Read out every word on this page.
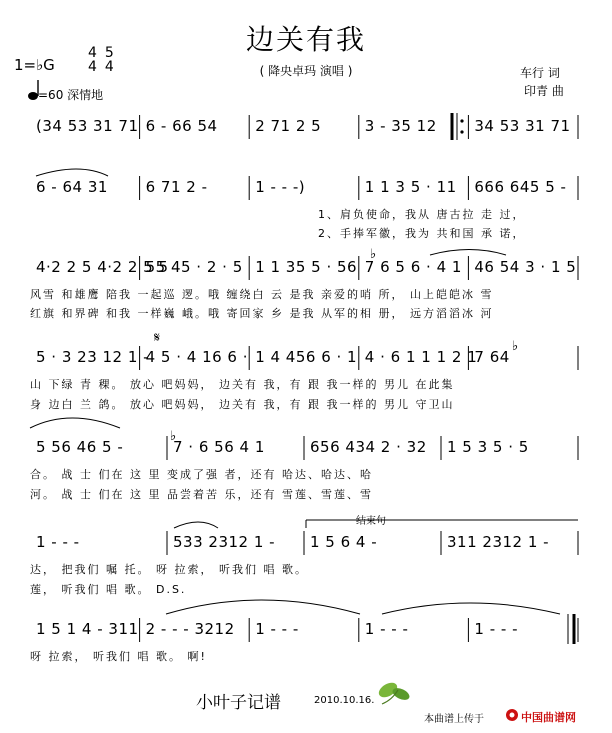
边关有我
( 降央卓玛 演唱 )
1=♭G
4
4
5
4
=60 深情地
车行 词
印青 曲
(34 53 31 71 6 - 66 54	2 71 2 5	3 - 35 12	34 53 31 71
6 - 64 31	6 71 2 -	1 - - -)	1 1 3 5 · 11	666 645 5 -
4·2 2 5 4·2 2 5 5
55 45 · 2 · 5 1 1 35 5 · 56 7 6 5 6 · 4 1 46 54 3 · 1 5
5 · 3 23 12 1 -
4 5 · 4 16 6 · 1 4 456 6 · 1 4 · 6 1 1 1 2 1
7 64
5 56 46 5 -	7 · 6 56 4 1	656 434 2 · 32	1 5 3 5 · 5
1 - - -	533 2312 1 -	1 5 6 4 -	311 2312 1 -
1 5 1 4 - 311 2 - - - 3212	1 - - -	1 - - -	1 - - -
1、肩负使命，我从 唐古拉 走 过，
2、手捧军徽，我为 共和国 承 诺，
风雪 和雄鹰 陪我 一起巡 逻。哦 缠绕白 云 是我 亲爱的哨 所， 山上皑皑冰 雪
红旗 和界碑 和我 一样巍 峨。哦 寄回家 乡 是我 从军的相 册， 远方滔滔冰 河
山 下绿 青 稞。 放心 吧妈妈， 边关有 我，有 跟 我一样的 男儿 在此集
身 边白 兰 鸽。 放心 吧妈妈， 边关有 我，有 跟 我一样的 男儿 守卫山
合。 战 士 们在 这 里 变成了强 者，还有 哈达、哈达、哈
河。 战 士 们在 这 里 品尝着苦 乐，还有 雪莲、雪莲、雪
达， 把我们 嘱 托。 呀 拉索， 听我们 唱 歌。
莲， 听我们 唱 歌。 D.S.
呀 拉索， 听我们 唱 歌。 啊!
𝄋
♭
♭
♭
结束句
小叶子记谱	2010.10.16.
本曲谱上传于	中国曲谱网
